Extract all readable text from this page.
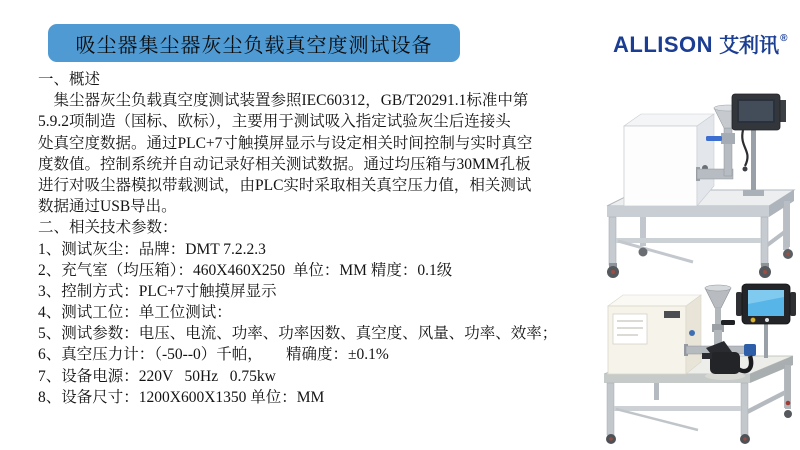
吸尘器集尘器灰尘负载真空度测试设备	ALLISON 艾利讯 ®
一、概述
集尘器灰尘负载真空度测试装置参照IEC60312，GB/T20291.1标准中第
5.9.2项制造（国标、欧标），主要用于测试吸入指定试验灰尘后连接头
处真空度数据。通过PLC+7寸触摸屏显示与设定相关时间控制与实时真空
度数值。控制系统并自动记录好相关测试数据。通过均压箱与30MM孔板
进行对吸尘器模拟带载测试，由PLC实时采取相关真空压力值，相关测试
数据通过USB导出。
二、相关技术参数：
1、测试灰尘：品牌：DMT 7.2.2.3
2、充气室（均压箱）：460X460X250  单位：MM 精度：0.1级
3、控制方式：PLC+7寸触摸屏显示
4、测试工位：单工位测试：
5、测试参数：电压、电流、功率、功率因数、真空度、风量、功率、效率；
6、真空压力计：（-50--0）千帕，      精确度：±0.1%
7、设备电源：220V   50Hz   0.75kw
8、设备尺寸：1200X600X1350 单位：MM
